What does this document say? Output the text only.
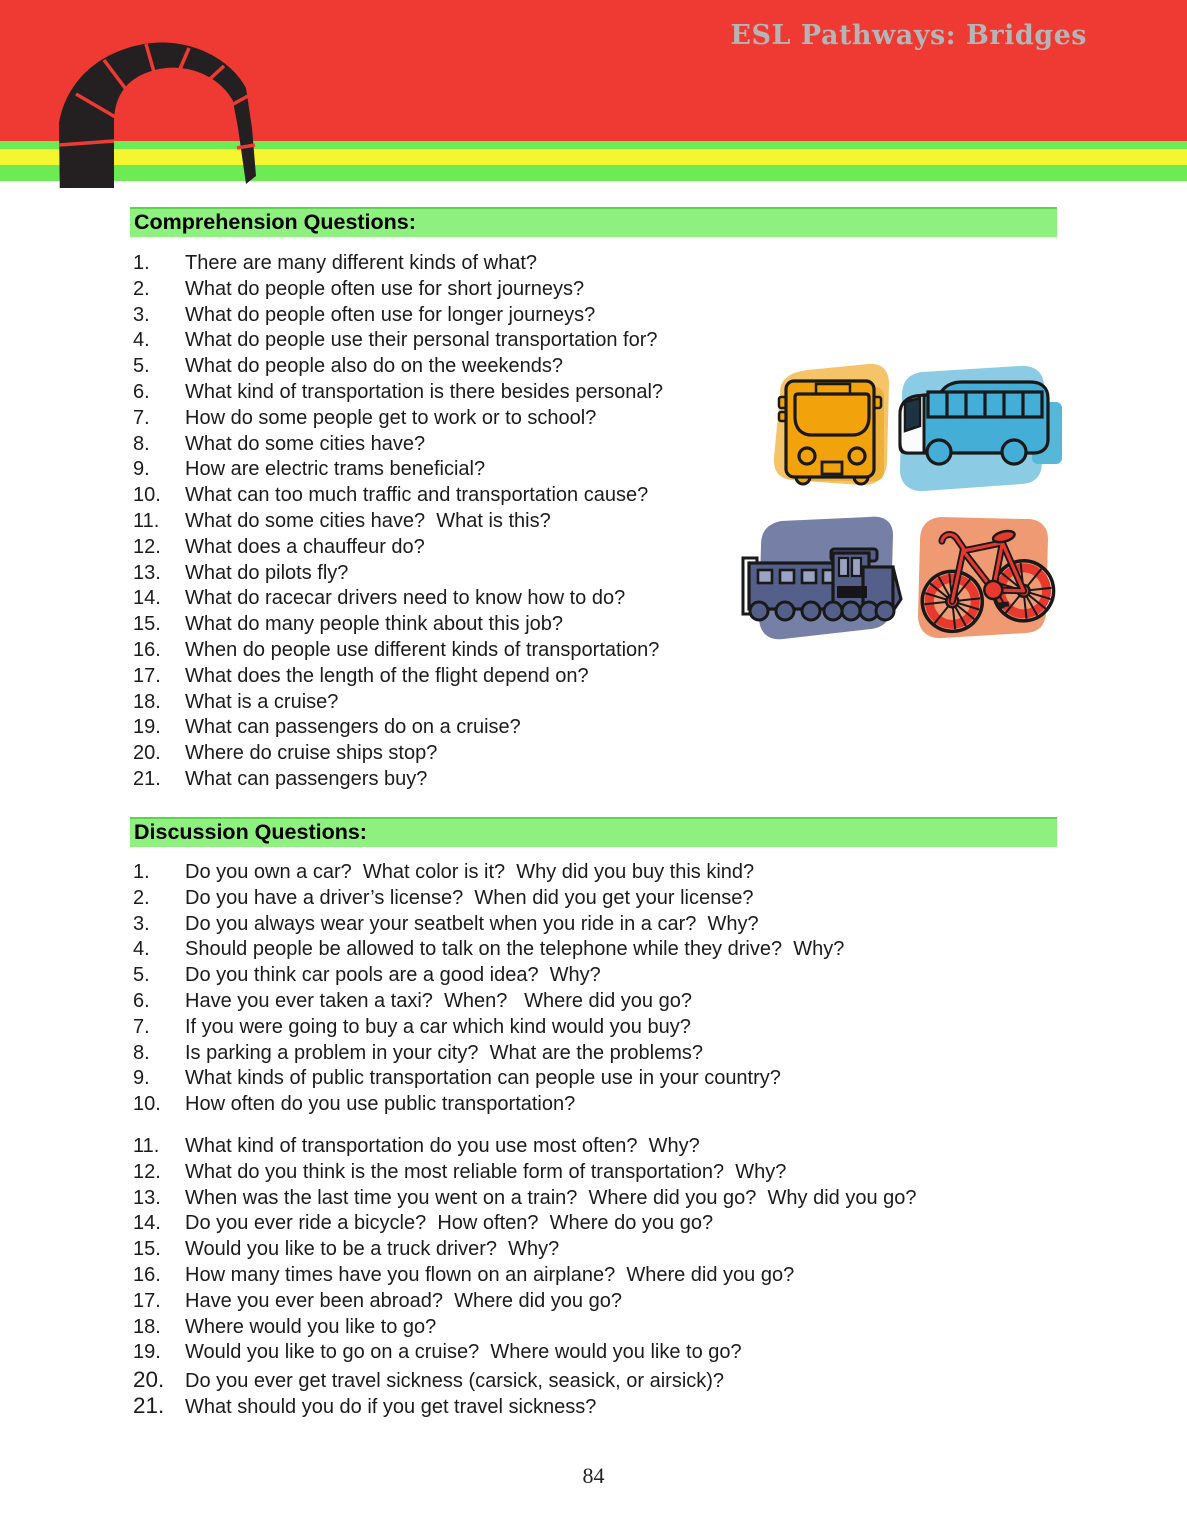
ESL Pathways: Bridges
Comprehension Questions:
1.	There are many different kinds of what?
2.	What do people often use for short journeys?
3.	What do people often use for longer journeys?
4.	What do people use their personal transportation for?
5.	What do people also do on the weekends?
6.	What kind of transportation is there besides personal?
7.	How do some people get to work or to school?
8.	What do some cities have?
9.	How are electric trams beneficial?
10.	What can too much traffic and transportation cause?
11.	What do some cities have?  What is this?
12.	What does a chauffeur do?
13.	What do pilots fly?
14.	What do racecar drivers need to know how to do?
15.	What do many people think about this job?
16.	When do people use different kinds of transportation?
17.	What does the length of the flight depend on?
18.	What is a cruise?
19.	What can passengers do on a cruise?
20.	Where do cruise ships stop?
21.	What can passengers buy?
Discussion Questions:
1.	Do you own a car?  What color is it?  Why did you buy this kind?
2.	Do you have a driver’s license?  When did you get your license?
3.	Do you always wear your seatbelt when you ride in a car?  Why?
4.	Should people be allowed to talk on the telephone while they drive?  Why?
5.	Do you think car pools are a good idea?  Why?
6.	Have you ever taken a taxi?  When?   Where did you go?
7.	If you were going to buy a car which kind would you buy?
8.	Is parking a problem in your city?  What are the problems?
9.	What kinds of public transportation can people use in your country?
10.	How often do you use public transportation?
11.	What kind of transportation do you use most often?  Why?
12.	What do you think is the most reliable form of transportation?  Why?
13.	When was the last time you went on a train?  Where did you go?  Why did you go?
14.	Do you ever ride a bicycle?  How often?  Where do you go?
15.	Would you like to be a truck driver?  Why?
16.	How many times have you flown on an airplane?  Where did you go?
17.	Have you ever been abroad?  Where did you go?
18.	Where would you like to go?
19.	Would you like to go on a cruise?  Where would you like to go?
20.	Do you ever get travel sickness (carsick, seasick, or airsick)?
21.	What should you do if you get travel sickness?
84
